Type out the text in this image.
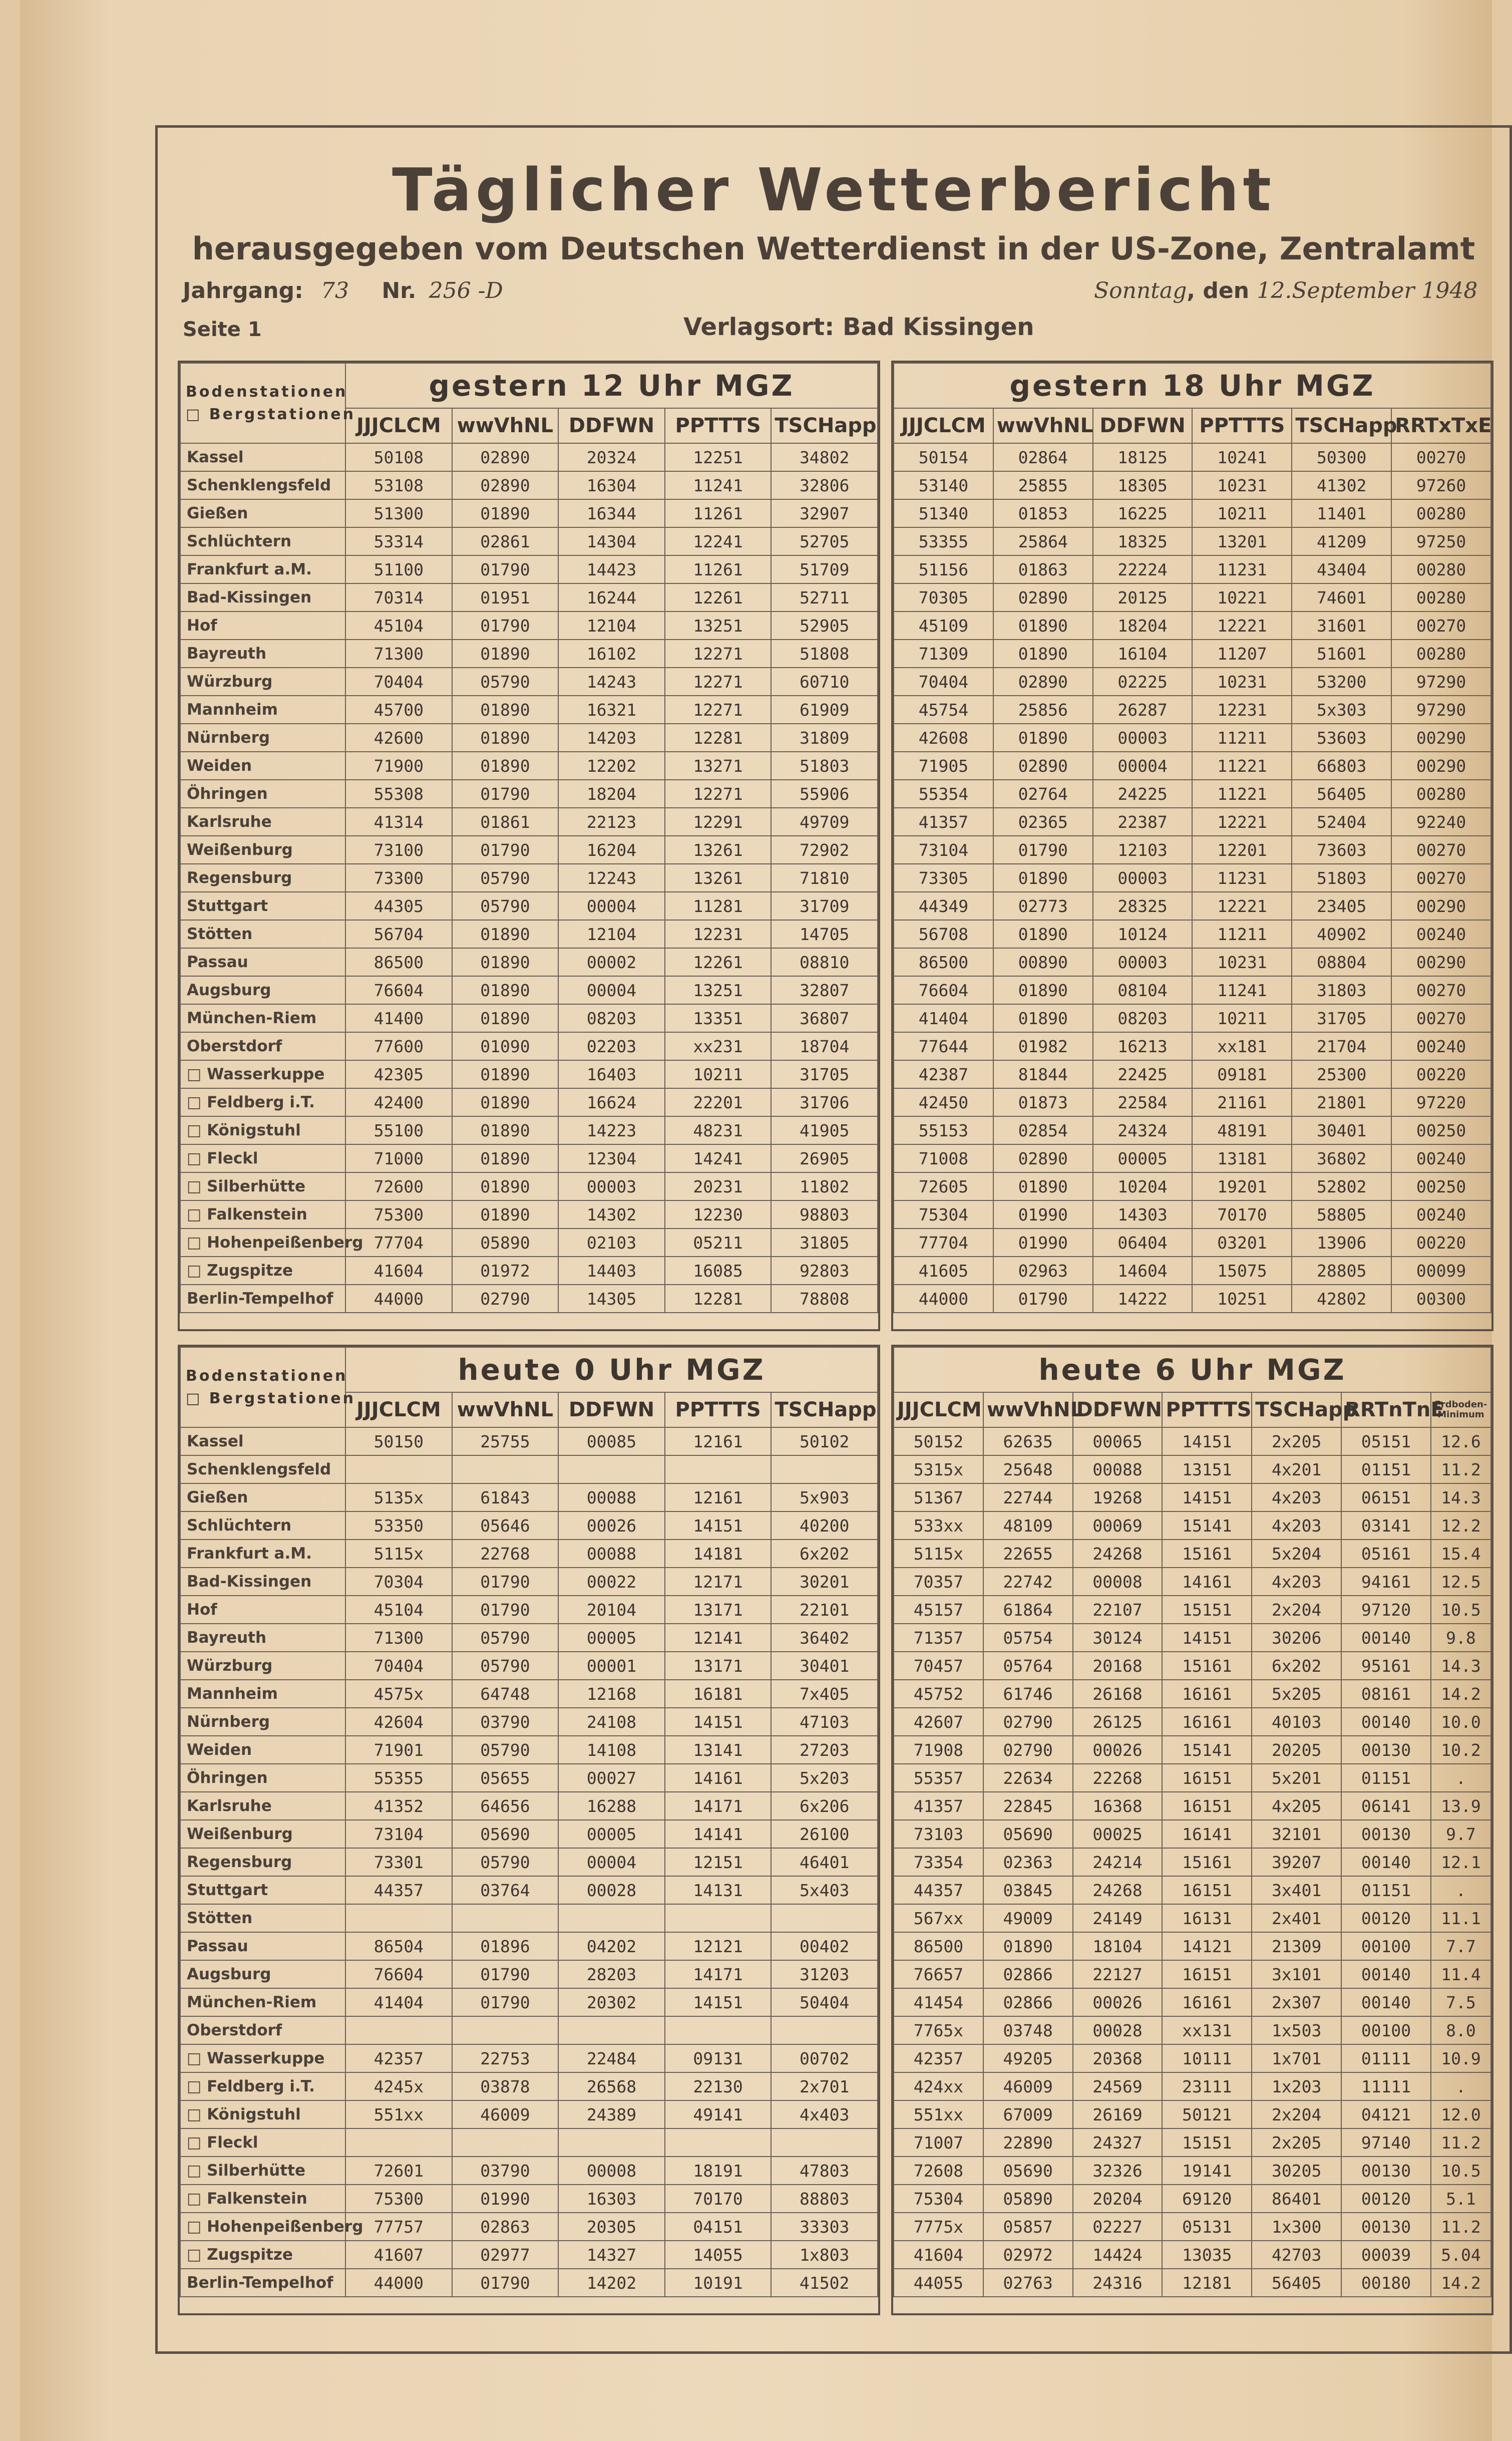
Täglicher Wetterbericht
herausgegeben vom Deutschen Wetterdienst in der US-Zone, Zentralamt
Jahrgang: 73 Nr. 256 -D	Sonntag, den 12.September 1948
Seite 1	Verlagsort: Bad Kissingen
Bodenstationen
□ Bergstationen	gestern 12 Uhr MGZ				
	JJJCLCM	wwVhNL	DDFWN	PPTTTS	TSCHapp
Kassel	50108	02890	20324	12251	34802
Schenklengsfeld	53108	02890	16304	11241	32806
Gießen	51300	01890	16344	11261	32907
Schlüchtern	53314	02861	14304	12241	52705
Frankfurt a.M.	51100	01790	14423	11261	51709
Bad-Kissingen	70314	01951	16244	12261	52711
Hof	45104	01790	12104	13251	52905
Bayreuth	71300	01890	16102	12271	51808
Würzburg	70404	05790	14243	12271	60710
Mannheim	45700	01890	16321	12271	61909
Nürnberg	42600	01890	14203	12281	31809
Weiden	71900	01890	12202	13271	51803
Öhringen	55308	01790	18204	12271	55906
Karlsruhe	41314	01861	22123	12291	49709
Weißenburg	73100	01790	16204	13261	72902
Regensburg	73300	05790	12243	13261	71810
Stuttgart	44305	05790	00004	11281	31709
Stötten	56704	01890	12104	12231	14705
Passau	86500	01890	00002	12261	08810
Augsburg	76604	01890	00004	13251	32807
München-Riem	41400	01890	08203	13351	36807
Oberstdorf	77600	01090	02203	xx231	18704
□ Wasserkuppe	42305	01890	16403	10211	31705
□ Feldberg i.T.	42400	01890	16624	22201	31706
□ Königstuhl	55100	01890	14223	48231	41905
□ Fleckl	71000	01890	12304	14241	26905
□ Silberhütte	72600	01890	00003	20231	11802
□ Falkenstein	75300	01890	14302	12230	98803
□ Hohenpeißenberg	77704	05890	02103	05211	31805
□ Zugspitze	41604	01972	14403	16085	92803
Berlin-Tempelhof	44000	02790	14305	12281	78808
gestern 18 Uhr MGZ					
JJJCLCM	wwVhNL	DDFWN	PPTTTS	TSCHapp	RRTxTxE
50154	02864	18125	10241	50300	00270
53140	25855	18305	10231	41302	97260
51340	01853	16225	10211	11401	00280
53355	25864	18325	13201	41209	97250
51156	01863	22224	11231	43404	00280
70305	02890	20125	10221	74601	00280
45109	01890	18204	12221	31601	00270
71309	01890	16104	11207	51601	00280
70404	02890	02225	10231	53200	97290
45754	25856	26287	12231	5x303	97290
42608	01890	00003	11211	53603	00290
71905	02890	00004	11221	66803	00290
55354	02764	24225	11221	56405	00280
41357	02365	22387	12221	52404	92240
73104	01790	12103	12201	73603	00270
73305	01890	00003	11231	51803	00270
44349	02773	28325	12221	23405	00290
56708	01890	10124	11211	40902	00240
86500	00890	00003	10231	08804	00290
76604	01890	08104	11241	31803	00270
41404	01890	08203	10211	31705	00270
77644	01982	16213	xx181	21704	00240
42387	81844	22425	09181	25300	00220
42450	01873	22584	21161	21801	97220
55153	02854	24324	48191	30401	00250
71008	02890	00005	13181	36802	00240
72605	01890	10204	19201	52802	00250
75304	01990	14303	70170	58805	00240
77704	01990	06404	03201	13906	00220
41605	02963	14604	15075	28805	00099
44000	01790	14222	10251	42802	00300
Bodenstationen
□ Bergstationen	heute 0 Uhr MGZ				
	JJJCLCM	wwVhNL	DDFWN	PPTTTS	TSCHapp
Kassel	50150	25755	00085	12161	50102
Schenklengsfeld					
Gießen	5135x	61843	00088	12161	5x903
Schlüchtern	53350	05646	00026	14151	40200
Frankfurt a.M.	5115x	22768	00088	14181	6x202
Bad-Kissingen	70304	01790	00022	12171	30201
Hof	45104	01790	20104	13171	22101
Bayreuth	71300	05790	00005	12141	36402
Würzburg	70404	05790	00001	13171	30401
Mannheim	4575x	64748	12168	16181	7x405
Nürnberg	42604	03790	24108	14151	47103
Weiden	71901	05790	14108	13141	27203
Öhringen	55355	05655	00027	14161	5x203
Karlsruhe	41352	64656	16288	14171	6x206
Weißenburg	73104	05690	00005	14141	26100
Regensburg	73301	05790	00004	12151	46401
Stuttgart	44357	03764	00028	14131	5x403
Stötten					
Passau	86504	01896	04202	12121	00402
Augsburg	76604	01790	28203	14171	31203
München-Riem	41404	01790	20302	14151	50404
Oberstdorf					
□ Wasserkuppe	42357	22753	22484	09131	00702
□ Feldberg i.T.	4245x	03878	26568	22130	2x701
□ Königstuhl	551xx	46009	24389	49141	4x403
□ Fleckl					
□ Silberhütte	72601	03790	00008	18191	47803
□ Falkenstein	75300	01990	16303	70170	88803
□ Hohenpeißenberg	77757	02863	20305	04151	33303
□ Zugspitze	41607	02977	14327	14055	1x803
Berlin-Tempelhof	44000	01790	14202	10191	41502
heute 6 Uhr MGZ						
JJJCLCM	wwVhNL	DDFWN	PPTTTS	TSCHapp	RRTnTnE	Erdboden-Minimum
50152	62635	00065	14151	2x205	05151	12.6
5315x	25648	00088	13151	4x201	01151	11.2
51367	22744	19268	14151	4x203	06151	14.3
533xx	48109	00069	15141	4x203	03141	12.2
5115x	22655	24268	15161	5x204	05161	15.4
70357	22742	00008	14161	4x203	94161	12.5
45157	61864	22107	15151	2x204	97120	10.5
71357	05754	30124	14151	30206	00140	9.8
70457	05764	20168	15161	6x202	95161	14.3
45752	61746	26168	16161	5x205	08161	14.2
42607	02790	26125	16161	40103	00140	10.0
71908	02790	00026	15141	20205	00130	10.2
55357	22634	22268	16151	5x201	01151	.
41357	22845	16368	16151	4x205	06141	13.9
73103	05690	00025	16141	32101	00130	9.7
73354	02363	24214	15161	39207	00140	12.1
44357	03845	24268	16151	3x401	01151	.
567xx	49009	24149	16131	2x401	00120	11.1
86500	01890	18104	14121	21309	00100	7.7
76657	02866	22127	16151	3x101	00140	11.4
41454	02866	00026	16161	2x307	00140	7.5
7765x	03748	00028	xx131	1x503	00100	8.0
42357	49205	20368	10111	1x701	01111	10.9
424xx	46009	24569	23111	1x203	11111	.
551xx	67009	26169	50121	2x204	04121	12.0
71007	22890	24327	15151	2x205	97140	11.2
72608	05690	32326	19141	30205	00130	10.5
75304	05890	20204	69120	86401	00120	5.1
7775x	05857	02227	05131	1x300	00130	11.2
41604	02972	14424	13035	42703	00039	5.04
44055	02763	24316	12181	56405	00180	14.2
